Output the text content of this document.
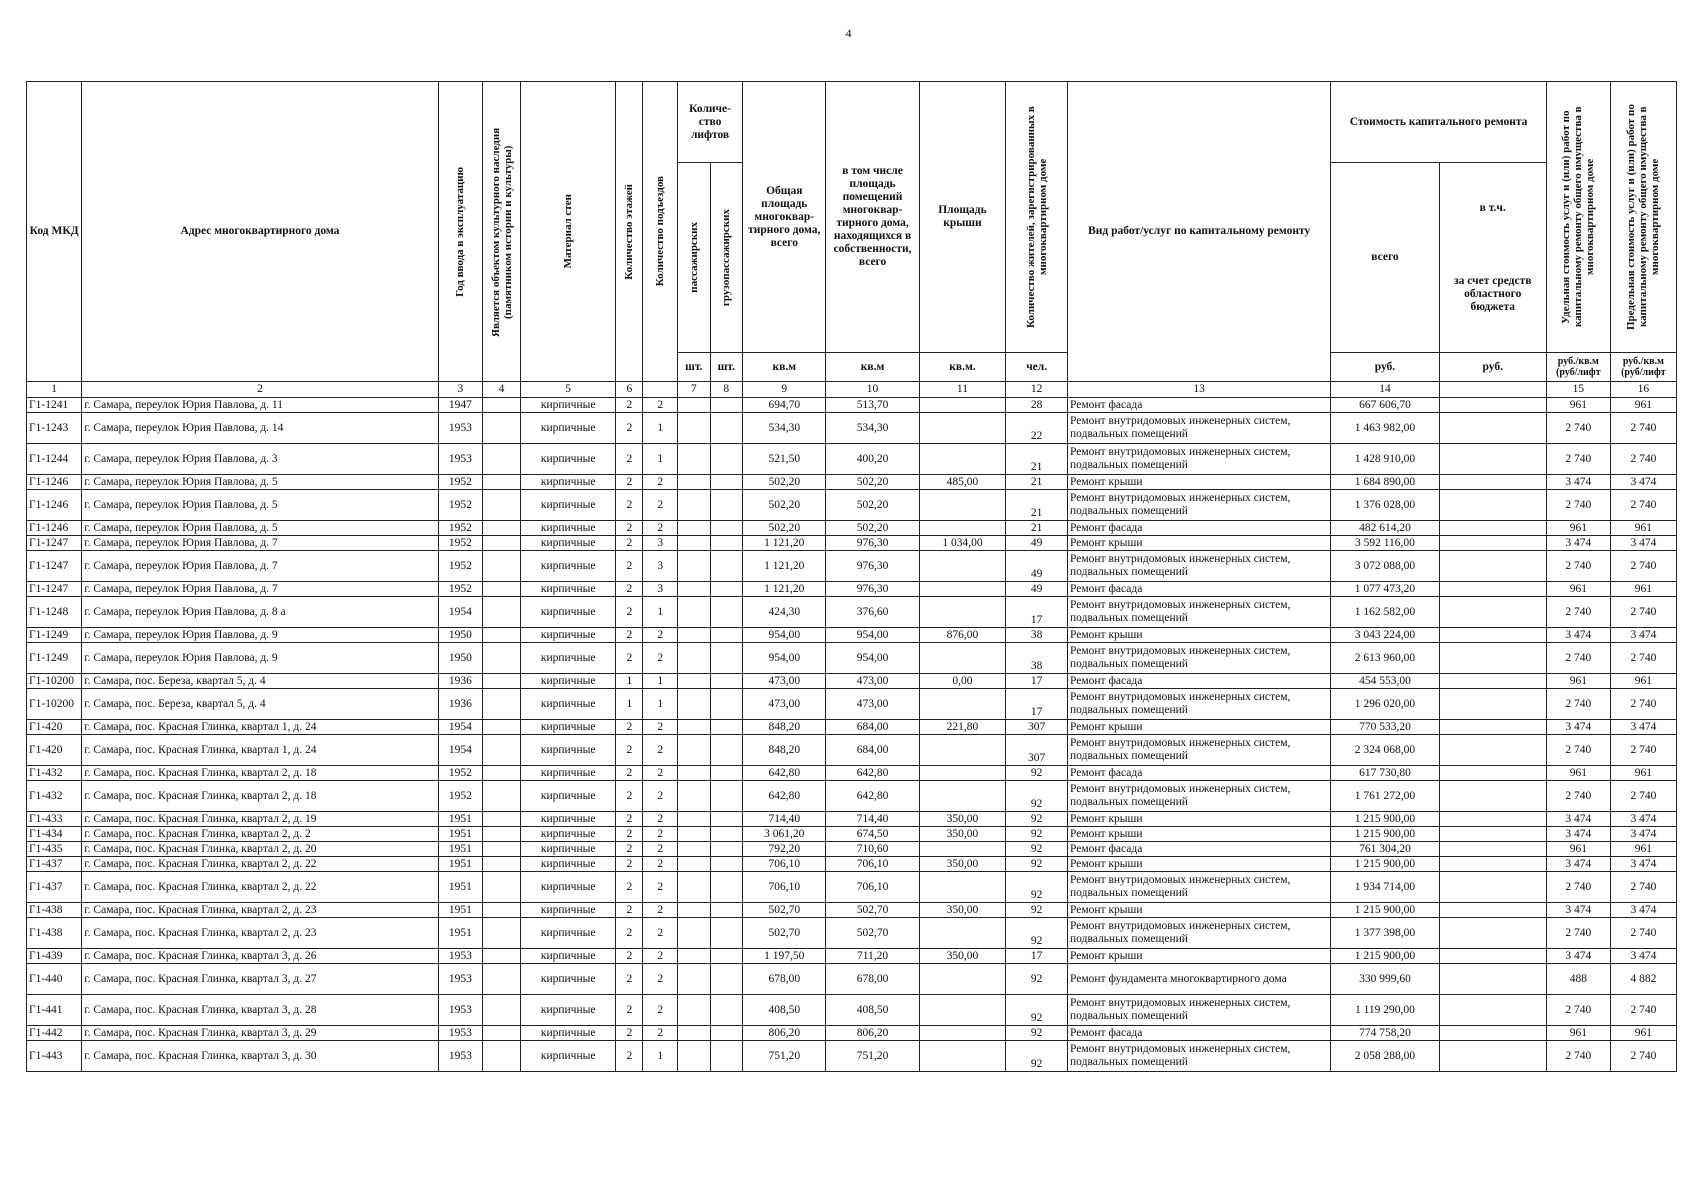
4
Код МКД	Адрес многоквартирного дома	Год ввода в эксплуатацию	Является объектом культурного наследия (памятником истории и культуры)	Материал стен	Количество этажей	Количество подъездов	Количе-ство лифтов		Общая площадь многоквар-тирного дома, всего	в том числе площадь помещений многоквар-тирного дома, находящихся в собственности, всего	Площадь крыши	Количество жителей, зарегистрированных в многоквартирном доме	Вид работ/услуг по капитальному ремонту	Стоимость капитального ремонта		Удельная стоимость услуг и (или) работ по капитальному ремонту общего имущества в многоквартирном доме	Предельная стоимость услуг и (или) работ по капитальному ремонту общего имущества в многоквартирном доме

							пассажирских	грузопассажирских						всего	в т.ч.
за счет средств областного бюджета		

							шт.	шт.	кв.м	кв.м	кв.м.	чел.		руб.	руб.	руб./кв.м (руб/лифт	руб./кв.м (руб/лифт
1	2	3	4	5	6		7	8	9	10	11	12	13	14		15	16
Г1-1241	г. Самара, переулок Юрия Павлова, д. 11	1947		кирпичные	2	2			694,70	513,70		28	Ремонт фасада	667 606,70		961	961
Г1-1243	г. Самара, переулок Юрия Павлова, д. 14	1953		кирпичные	2	1			534,30	534,30		22	Ремонт внутридомовых инженерных систем, подвальных помещений	1 463 982,00		2 740	2 740
Г1-1244	г. Самара, переулок Юрия Павлова, д. 3	1953		кирпичные	2	1			521,50	400,20		21	Ремонт внутридомовых инженерных систем, подвальных помещений	1 428 910,00		2 740	2 740
Г1-1246	г. Самара, переулок Юрия Павлова, д. 5	1952		кирпичные	2	2			502,20	502,20	485,00	21	Ремонт крыши	1 684 890,00		3 474	3 474
Г1-1246	г. Самара, переулок Юрия Павлова, д. 5	1952		кирпичные	2	2			502,20	502,20		21	Ремонт внутридомовых инженерных систем, подвальных помещений	1 376 028,00		2 740	2 740
Г1-1246	г. Самара, переулок Юрия Павлова, д. 5	1952		кирпичные	2	2			502,20	502,20		21	Ремонт фасада	482 614,20		961	961
Г1-1247	г. Самара, переулок Юрия Павлова, д. 7	1952		кирпичные	2	3			1 121,20	976,30	1 034,00	49	Ремонт крыши	3 592 116,00		3 474	3 474
Г1-1247	г. Самара, переулок Юрия Павлова, д. 7	1952		кирпичные	2	3			1 121,20	976,30		49	Ремонт внутридомовых инженерных систем, подвальных помещений	3 072 088,00		2 740	2 740
Г1-1247	г. Самара, переулок Юрия Павлова, д. 7	1952		кирпичные	2	3			1 121,20	976,30		49	Ремонт фасада	1 077 473,20		961	961
Г1-1248	г. Самара, переулок Юрия Павлова, д. 8 а	1954		кирпичные	2	1			424,30	376,60		17	Ремонт внутридомовых инженерных систем, подвальных помещений	1 162 582,00		2 740	2 740
Г1-1249	г. Самара, переулок Юрия Павлова, д. 9	1950		кирпичные	2	2			954,00	954,00	876,00	38	Ремонт крыши	3 043 224,00		3 474	3 474
Г1-1249	г. Самара, переулок Юрия Павлова, д. 9	1950		кирпичные	2	2			954,00	954,00		38	Ремонт внутридомовых инженерных систем, подвальных помещений	2 613 960,00		2 740	2 740
Г1-10200	г. Самара, пос. Береза, квартал 5, д. 4	1936		кирпичные	1	1			473,00	473,00	0,00	17	Ремонт фасада	454 553,00		961	961
Г1-10200	г. Самара, пос. Береза, квартал 5, д. 4	1936		кирпичные	1	1			473,00	473,00		17	Ремонт внутридомовых инженерных систем, подвальных помещений	1 296 020,00		2 740	2 740
Г1-420	г. Самара, пос. Красная Глинка, квартал 1, д. 24	1954		кирпичные	2	2			848,20	684,00	221,80	307	Ремонт крыши	770 533,20		3 474	3 474
Г1-420	г. Самара, пос. Красная Глинка, квартал 1, д. 24	1954		кирпичные	2	2			848,20	684,00		307	Ремонт внутридомовых инженерных систем, подвальных помещений	2 324 068,00		2 740	2 740
Г1-432	г. Самара, пос. Красная Глинка, квартал 2, д. 18	1952		кирпичные	2	2			642,80	642,80		92	Ремонт фасада	617 730,80		961	961
Г1-432	г. Самара, пос. Красная Глинка, квартал 2, д. 18	1952		кирпичные	2	2			642,80	642,80		92	Ремонт внутридомовых инженерных систем, подвальных помещений	1 761 272,00		2 740	2 740
Г1-433	г. Самара, пос. Красная Глинка, квартал 2, д. 19	1951		кирпичные	2	2			714,40	714,40	350,00	92	Ремонт крыши	1 215 900,00		3 474	3 474
Г1-434	г. Самара, пос. Красная Глинка, квартал 2, д. 2	1951		кирпичные	2	2			3 061,20	674,50	350,00	92	Ремонт крыши	1 215 900,00		3 474	3 474
Г1-435	г. Самара, пос. Красная Глинка, квартал 2, д. 20	1951		кирпичные	2	2			792,20	710,60		92	Ремонт фасада	761 304,20		961	961
Г1-437	г. Самара, пос. Красная Глинка, квартал 2, д. 22	1951		кирпичные	2	2			706,10	706,10	350,00	92	Ремонт крыши	1 215 900,00		3 474	3 474
Г1-437	г. Самара, пос. Красная Глинка, квартал 2, д. 22	1951		кирпичные	2	2			706,10	706,10		92	Ремонт внутридомовых инженерных систем, подвальных помещений	1 934 714,00		2 740	2 740
Г1-438	г. Самара, пос. Красная Глинка, квартал 2, д. 23	1951		кирпичные	2	2			502,70	502,70	350,00	92	Ремонт крыши	1 215 900,00		3 474	3 474
Г1-438	г. Самара, пос. Красная Глинка, квартал 2, д. 23	1951		кирпичные	2	2			502,70	502,70		92	Ремонт внутридомовых инженерных систем, подвальных помещений	1 377 398,00		2 740	2 740
Г1-439	г. Самара, пос. Красная Глинка, квартал 3, д. 26	1953		кирпичные	2	2			1 197,50	711,20	350,00	17	Ремонт крыши	1 215 900,00		3 474	3 474
Г1-440	г. Самара, пос. Красная Глинка, квартал 3, д. 27	1953		кирпичные	2	2			678,00	678,00		92	Ремонт фундамента многоквартирного дома	330 999,60		488	4 882
Г1-441	г. Самара, пос. Красная Глинка, квартал 3, д. 28	1953		кирпичные	2	2			408,50	408,50		92	Ремонт внутридомовых инженерных систем, подвальных помещений	1 119 290,00		2 740	2 740
Г1-442	г. Самара, пос. Красная Глинка, квартал 3, д. 29	1953		кирпичные	2	2			806,20	806,20		92	Ремонт фасада	774 758,20		961	961
Г1-443	г. Самара, пос. Красная Глинка, квартал 3, д. 30	1953		кирпичные	2	1			751,20	751,20		92	Ремонт внутридомовых инженерных систем, подвальных помещений	2 058 288,00		2 740	2 740
